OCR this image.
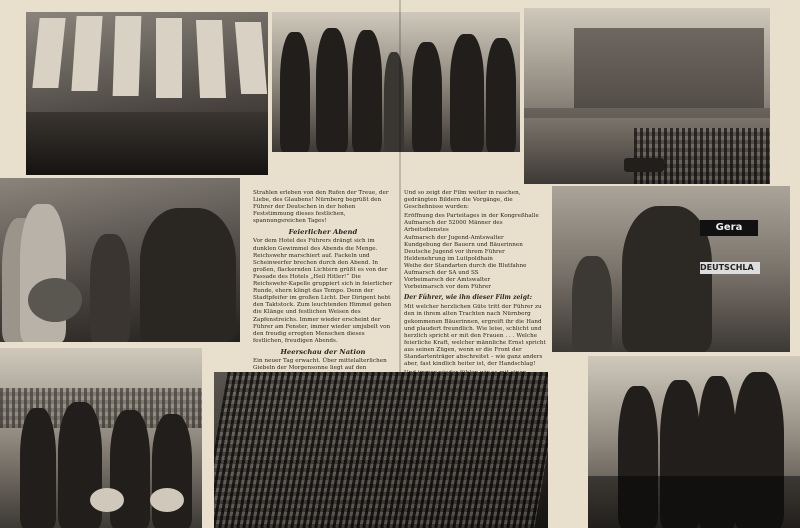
Strahlen erleben von den Rufen der Treue, der Liebe, des Glaubens! Nürnberg begrüßt den Führer der Deutschen in der hohen Feststimmung dieses festlichen, spannungsreichen Tages!

Feierlicher Abend

Vor dem Hotel des Führers drängt sich im dunklen Gewimmel des Abends die Menge. Reichswehr marschiert auf. Fackeln und Scheinwerfer brechen durch den Abend. In großen, flackernden Lichtern grüßt es von der Fassade des Hotels „Heil Hitler!“ Die Reichswehr-Kapelle gruppiert sich in feierlicher Runde, ehern klingt das Tempo. Denn der Stadtpfeifer im großen Licht. Der Dirigent hebt den Taktstock. Zum leuchtenden Himmel gehen die Klänge und festlichen Weisen des Zapfenstreichs. Immer wieder erscheint der Führer am Fenster, immer wieder umjubelt von den freudig erregten Menschen dieses festlichen, freudigen Abends.

Heerschau der Nation

Ein neuer Tag erwacht. Über mittelalterlichen Giebeln der Morgensonne liegt auf den

Und so zeigt der Film weiter in raschen, gedrängten Bildern die Vorgänge, die Geschehnisse wurden:

Eröffnung des Parteitages in der Kongreßhalle
Aufmarsch der 52000 Männer des Arbeitsdienstes
Aufmarsch der Jugend-Amtswalter
Kundgebung der Bauern und Bäuerinnen
Deutsche Jugend vor ihrem Führer
Heldenehrung im Luitpoldhain
Weihe der Standarten durch die Blutfahne
Aufmarsch der SA und SS
Vorbeimarsch der Amtswalter
Vorbeimarsch vor dem Führer
Der Führer, wie ihn dieser Film zeigt:

Mit welcher herzlichen Güte tritt der Führer zu den in ihrem alten Trachten nach Nürnberg gekommenen Bäuerinnen, ergreift ihr die Hand und plaudert freundlich. Wie leise, schlicht und herzlich spricht er mit den Frauen . . . Welche feierliche Kraft, welcher männliche Ernst spricht aus seinen Zügen, wenn er die Front der Standartenträger abschreitet – wie ganz anders aber, fast kindlich heiter ist, der Handschlag!

Gera
DEUTSCHLA
